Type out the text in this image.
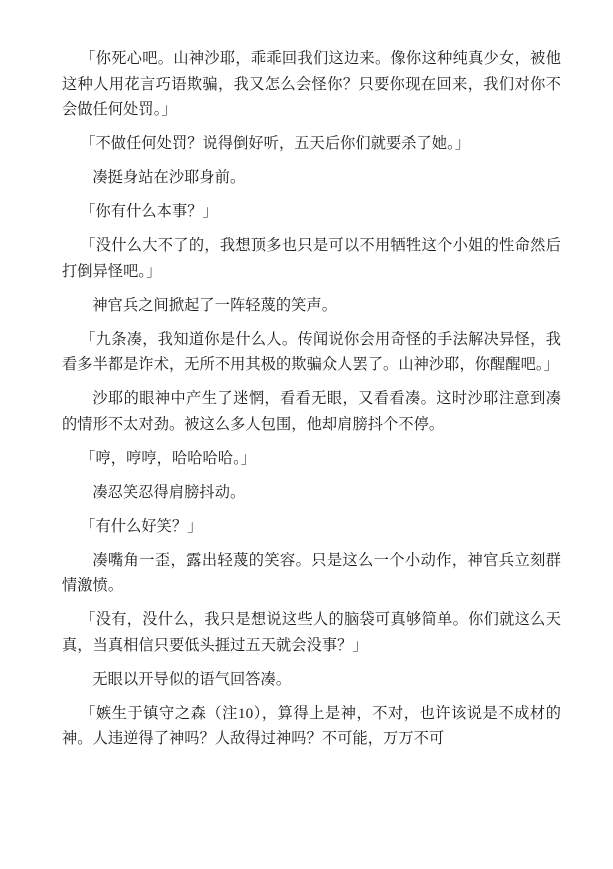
「你死心吧。山神沙耶，乖乖回我们这边来。像你这种纯真少女，被他这种人用花言巧语欺骗，我又怎么会怪你？只要你现在回来，我们对你不会做任何处罚。」

「不做任何处罚？说得倒好听，五天后你们就要杀了她。」

凑挺身站在沙耶身前。

「你有什么本事？」

「没什么大不了的，我想顶多也只是可以不用牺牲这个小姐的性命然后打倒异怪吧。」

神官兵之间掀起了一阵轻蔑的笑声。

「九条凑，我知道你是什么人。传闻说你会用奇怪的手法解决异怪，我看多半都是诈术，无所不用其极的欺骗众人罢了。山神沙耶，你醒醒吧。」

沙耶的眼神中产生了迷惘，看看无眼，又看看凑。这时沙耶注意到凑的情形不太对劲。被这么多人包围，他却肩膀抖个不停。

「哼，哼哼，哈哈哈哈。」

凑忍笑忍得肩膀抖动。

「有什么好笑？」

凑嘴角一歪，露出轻蔑的笑容。只是这么一个小动作，神官兵立刻群情激愤。

「没有，没什么，我只是想说这些人的脑袋可真够简单。你们就这么天真，当真相信只要低头捱过五天就会没事？」

无眼以开导似的语气回答凑。

「嫉生于镇守之森（注10），算得上是神，不对，也许该说是不成材的神。人违逆得了神吗？人敌得过神吗？不可能，万万不可
